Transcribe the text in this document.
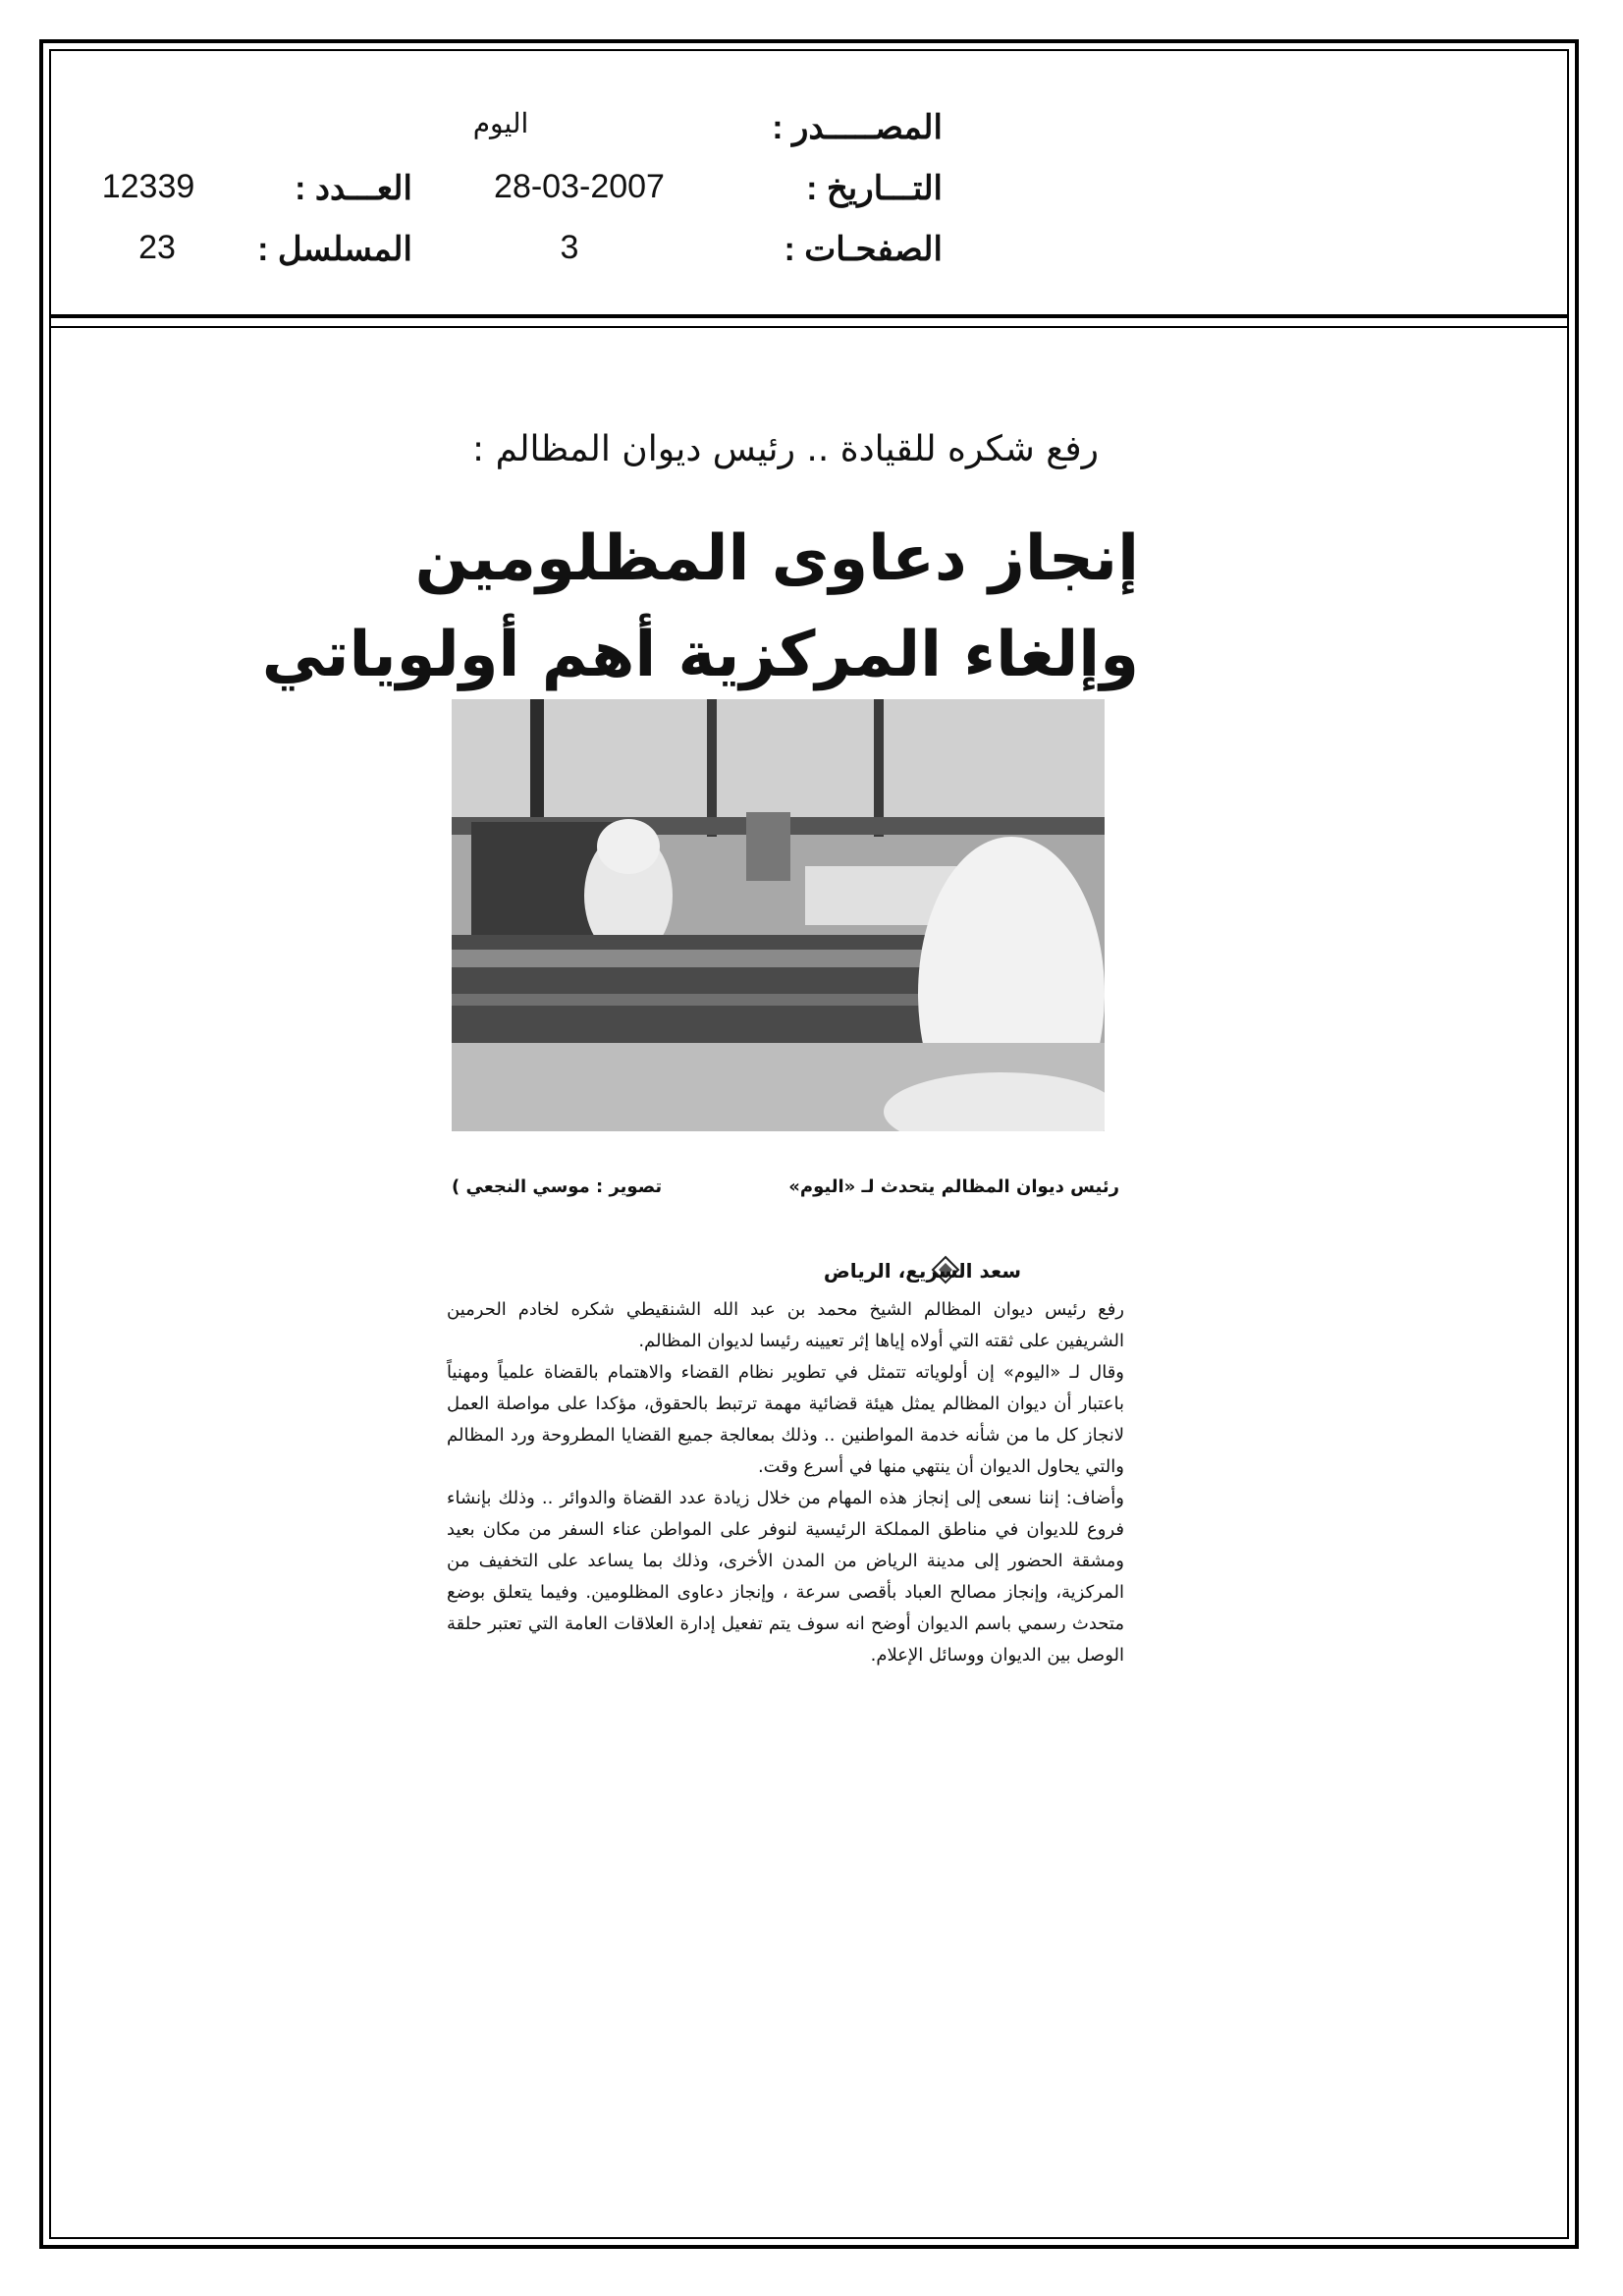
المصـــــدر :
اليوم
التـــاريخ :
28-03-2007
العـــدد :
12339
الصفحـات :
3
المسلسل :
23
رفع شكره للقيادة .. رئيس ديوان المظالم :
إنجاز دعاوى المظلومين
وإلغاء المركزية أهم أولوياتي
رئيس ديوان المظالم يتحدث لـ «اليوم»
تصوير : موسي النجعي )
سعد السريع، الرياض

رفع رئيس ديوان المظالم الشيخ محمد بن عبد الله الشنقيطي شكره لخادم الحرمين الشريفين على ثقته التي أولاه إياها إثر تعيينه رئيسا لديوان المظالم.

وقال لـ «اليوم» إن أولوياته تتمثل في تطوير نظام القضاء والاهتمام بالقضاة علمياً ومهنياً باعتبار أن ديوان المظالم يمثل هيئة قضائية مهمة ترتبط بالحقوق، مؤكدا على مواصلة العمل لانجاز كل ما من شأنه خدمة المواطنين .. وذلك بمعالجة جميع القضايا المطروحة ورد المظالم والتي يحاول الديوان أن ينتهي منها في أسرع وقت.

وأضاف: إننا نسعى إلى إنجاز هذه المهام من خلال زيادة عدد القضاة والدوائر .. وذلك بإنشاء فروع للديوان في مناطق المملكة الرئيسية لنوفر على المواطن عناء السفر من مكان بعيد ومشقة الحضور إلى مدينة الرياض من المدن الأخرى، وذلك بما يساعد على التخفيف من المركزية، وإنجاز مصالح العباد بأقصى سرعة ، وإنجاز دعاوى المظلومين. وفيما يتعلق بوضع متحدث رسمي باسم الديوان أوضح انه سوف يتم تفعيل إدارة العلاقات العامة التي تعتبر حلقة الوصل بين الديوان ووسائل الإعلام.
